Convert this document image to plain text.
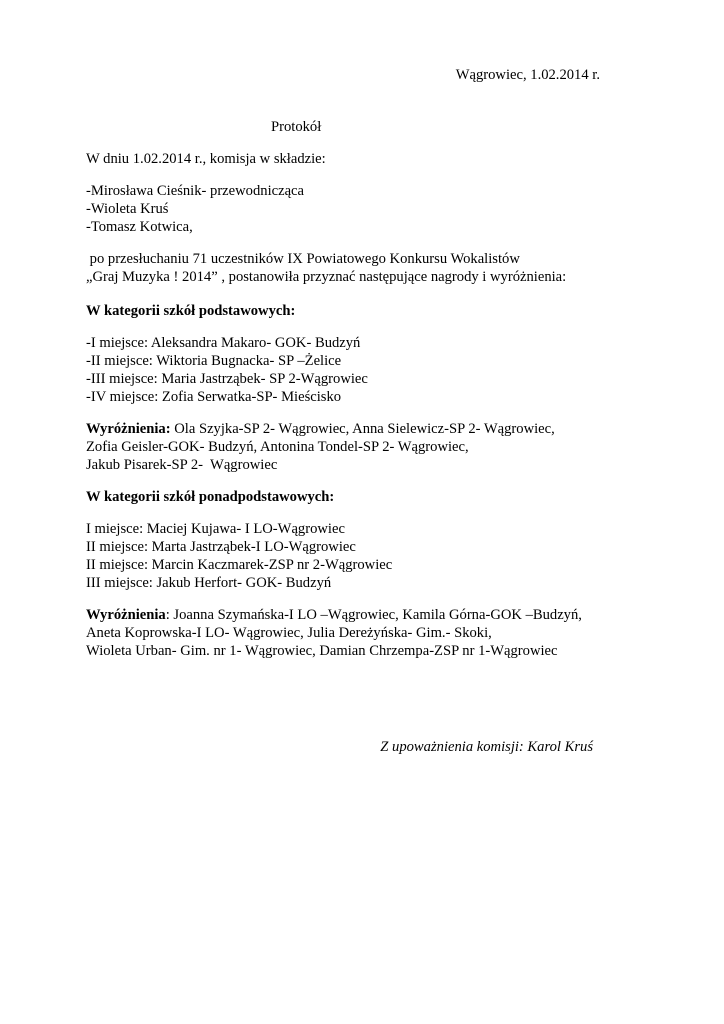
Wągrowiec, 1.02.2014 r.
Protokół
W dniu 1.02.2014 r., komisja w składzie:
-Mirosława Cieśnik- przewodnicząca
-Wioleta Kruś
-Tomasz Kotwica,
po przesłuchaniu 71 uczestników IX Powiatowego Konkursu Wokalistów
„Graj Muzyka ! 2014” , postanowiła przyznać następujące nagrody i wyróżnienia:
W kategorii szkół podstawowych:
-I miejsce: Aleksandra Makaro- GOK- Budzyń
-II miejsce: Wiktoria Bugnacka- SP –Żelice
-III miejsce: Maria Jastrząbek- SP 2-Wągrowiec
-IV miejsce: Zofia Serwatka-SP- Mieścisko
Wyróżnienia: Ola Szyjka-SP 2- Wągrowiec, Anna Sielewicz-SP 2- Wągrowiec,
Zofia Geisler-GOK- Budzyń, Antonina Tondel-SP 2- Wągrowiec,
Jakub Pisarek-SP 2-  Wągrowiec
W kategorii szkół ponadpodstawowych:
I miejsce: Maciej Kujawa- I LO-Wągrowiec
II miejsce: Marta Jastrząbek-I LO-Wągrowiec
II miejsce: Marcin Kaczmarek-ZSP nr 2-Wągrowiec
III miejsce: Jakub Herfort- GOK- Budzyń
Wyróżnienia: Joanna Szymańska-I LO –Wągrowiec, Kamila Górna-GOK –Budzyń,
Aneta Koprowska-I LO- Wągrowiec, Julia Dereżyńska- Gim.- Skoki,
Wioleta Urban- Gim. nr 1- Wągrowiec, Damian Chrzempa-ZSP nr 1-Wągrowiec
Z upoważnienia komisji: Karol Kruś
